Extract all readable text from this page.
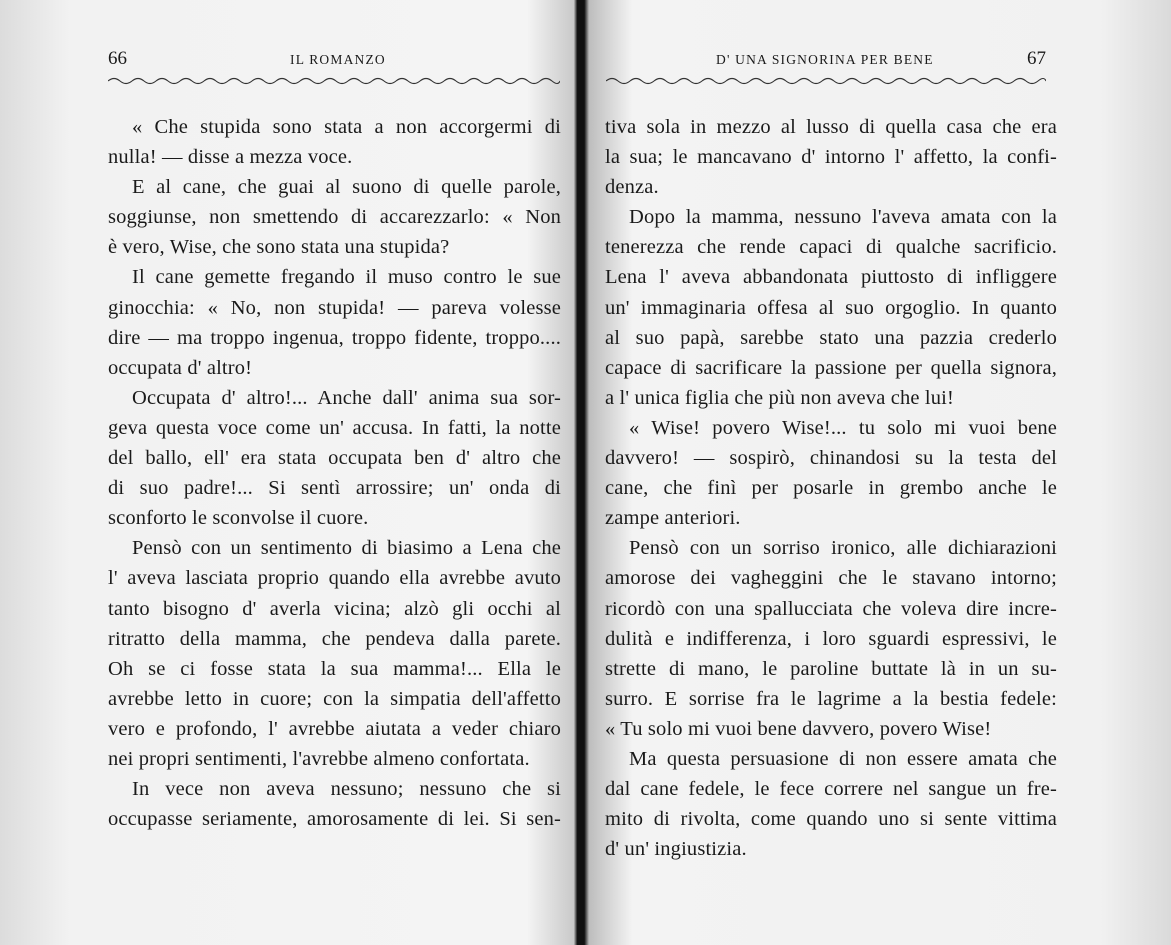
66	IL ROMANZO
« Che stupida sono stata a non accorgermi di
nulla! — disse a mezza voce.
E al cane, che guai al suono di quelle parole,
soggiunse, non smettendo di accarezzarlo: « Non
è vero, Wise, che sono stata una stupida?
Il cane gemette fregando il muso contro le sue
ginocchia: « No, non stupida! — pareva volesse
dire — ma troppo ingenua, troppo fidente, troppo....
occupata d' altro!
Occupata d' altro!... Anche dall' anima sua sor-
geva questa voce come un' accusa. In fatti, la notte
del ballo, ell' era stata occupata ben d' altro che
di suo padre!... Si sentì arrossire; un' onda di
sconforto le sconvolse il cuore.
Pensò con un sentimento di biasimo a Lena che
l' aveva lasciata proprio quando ella avrebbe avuto
tanto bisogno d' averla vicina; alzò gli occhi al
ritratto della mamma, che pendeva dalla parete.
Oh se ci fosse stata la sua mamma!... Ella le
avrebbe letto in cuore; con la simpatia dell'affetto
vero e profondo, l' avrebbe aiutata a veder chiaro
nei propri sentimenti, l'avrebbe almeno confortata.
In vece non aveva nessuno; nessuno che si
occupasse seriamente, amorosamente di lei. Si sen-
D' UNA SIGNORINA PER BENE	67
tiva sola in mezzo al lusso di quella casa che era
la sua; le mancavano d' intorno l' affetto, la confi-
denza.
Dopo la mamma, nessuno l'aveva amata con la
tenerezza che rende capaci di qualche sacrificio.
Lena l' aveva abbandonata piuttosto di infliggere
un' immaginaria offesa al suo orgoglio. In quanto
al suo papà, sarebbe stato una pazzia crederlo
capace di sacrificare la passione per quella signora,
a l' unica figlia che più non aveva che lui!
« Wise! povero Wise!... tu solo mi vuoi bene
davvero! — sospirò, chinandosi su la testa del
cane, che finì per posarle in grembo anche le
zampe anteriori.
Pensò con un sorriso ironico, alle dichiarazioni
amorose dei vagheggini che le stavano intorno;
ricordò con una spallucciata che voleva dire incre-
dulità e indifferenza, i loro sguardi espressivi, le
strette di mano, le paroline buttate là in un su-
surro. E sorrise fra le lagrime a la bestia fedele:
« Tu solo mi vuoi bene davvero, povero Wise!
Ma questa persuasione di non essere amata che
dal cane fedele, le fece correre nel sangue un fre-
mito di rivolta, come quando uno si sente vittima
d' un' ingiustizia.
